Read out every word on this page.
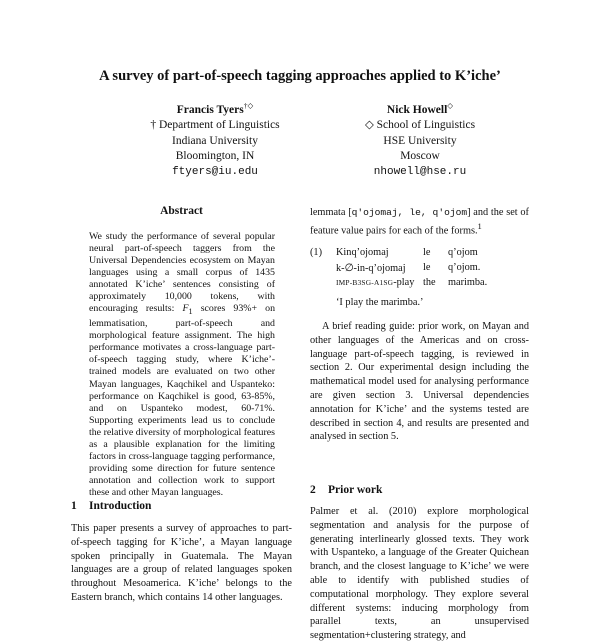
A survey of part-of-speech tagging approaches applied to K’iche’
Francis Tyers†◇
† Department of Linguistics
Indiana University
Bloomington, IN
ftyers@iu.edu
Nick Howell◇
◇ School of Linguistics
HSE University
Moscow
nhowell@hse.ru
Abstract
We study the performance of several popular neural part-of-speech taggers from the Universal Dependencies ecosystem on Mayan languages using a small corpus of 1435 annotated K’iche’ sentences consisting of approximately 10,000 tokens, with encouraging results: $F_1$ scores 93%+ on lemmatisation, part-of-speech and morphological feature assignment. The high performance motivates a cross-language part-of-speech tagging study, where K’iche’-trained models are evaluated on two other Mayan languages, Kaqchikel and Uspanteko: performance on Kaqchikel is good, 63-85%, and on Uspanteko modest, 60-71%. Supporting experiments lead us to conclude the relative diversity of morphological features as a plausible explanation for the limiting factors in cross-language tagging performance, providing some direction for future sentence annotation and collection work to support these and other Mayan languages.
1 Introduction
This paper presents a survey of approaches to part-of-speech tagging for K’iche’, a Mayan language spoken principally in Guatemala. The Mayan languages are a group of related languages spoken throughout Mesoamerica. K’iche’ belongs to the Eastern branch, which contains 14 other languages.
lemmata [q'ojomaj, le, q'ojom] and the set of feature value pairs for each of the forms.$^1$
(1) Kinq’ojomaj	le q’ojom
k-∅-in-q’ojomaj le q’ojom.
IMP-B3SG-A1SG-play the marimba.
‘I play the marimba.’
A brief reading guide: prior work, on Mayan and other languages of the Americas and on cross-language part-of-speech tagging, is reviewed in section 2. Our experimental design including the mathematical model used for analysing performance are given section 3. Universal dependencies annotation for K’iche’ and the systems tested are described in section 4, and results are presented and analysed in section 5.
2 Prior work
Palmer et al. (2010) explore morphological segmentation and analysis for the purpose of generating interlinearly glossed texts. They work with Uspanteko, a language of the Greater Quichean branch, and the closest language to K’iche’ we were able to identify with published studies of computational morphology. They explore several different systems: inducing morphology from parallel texts, an unsupervised segmentation+clustering strategy, and
